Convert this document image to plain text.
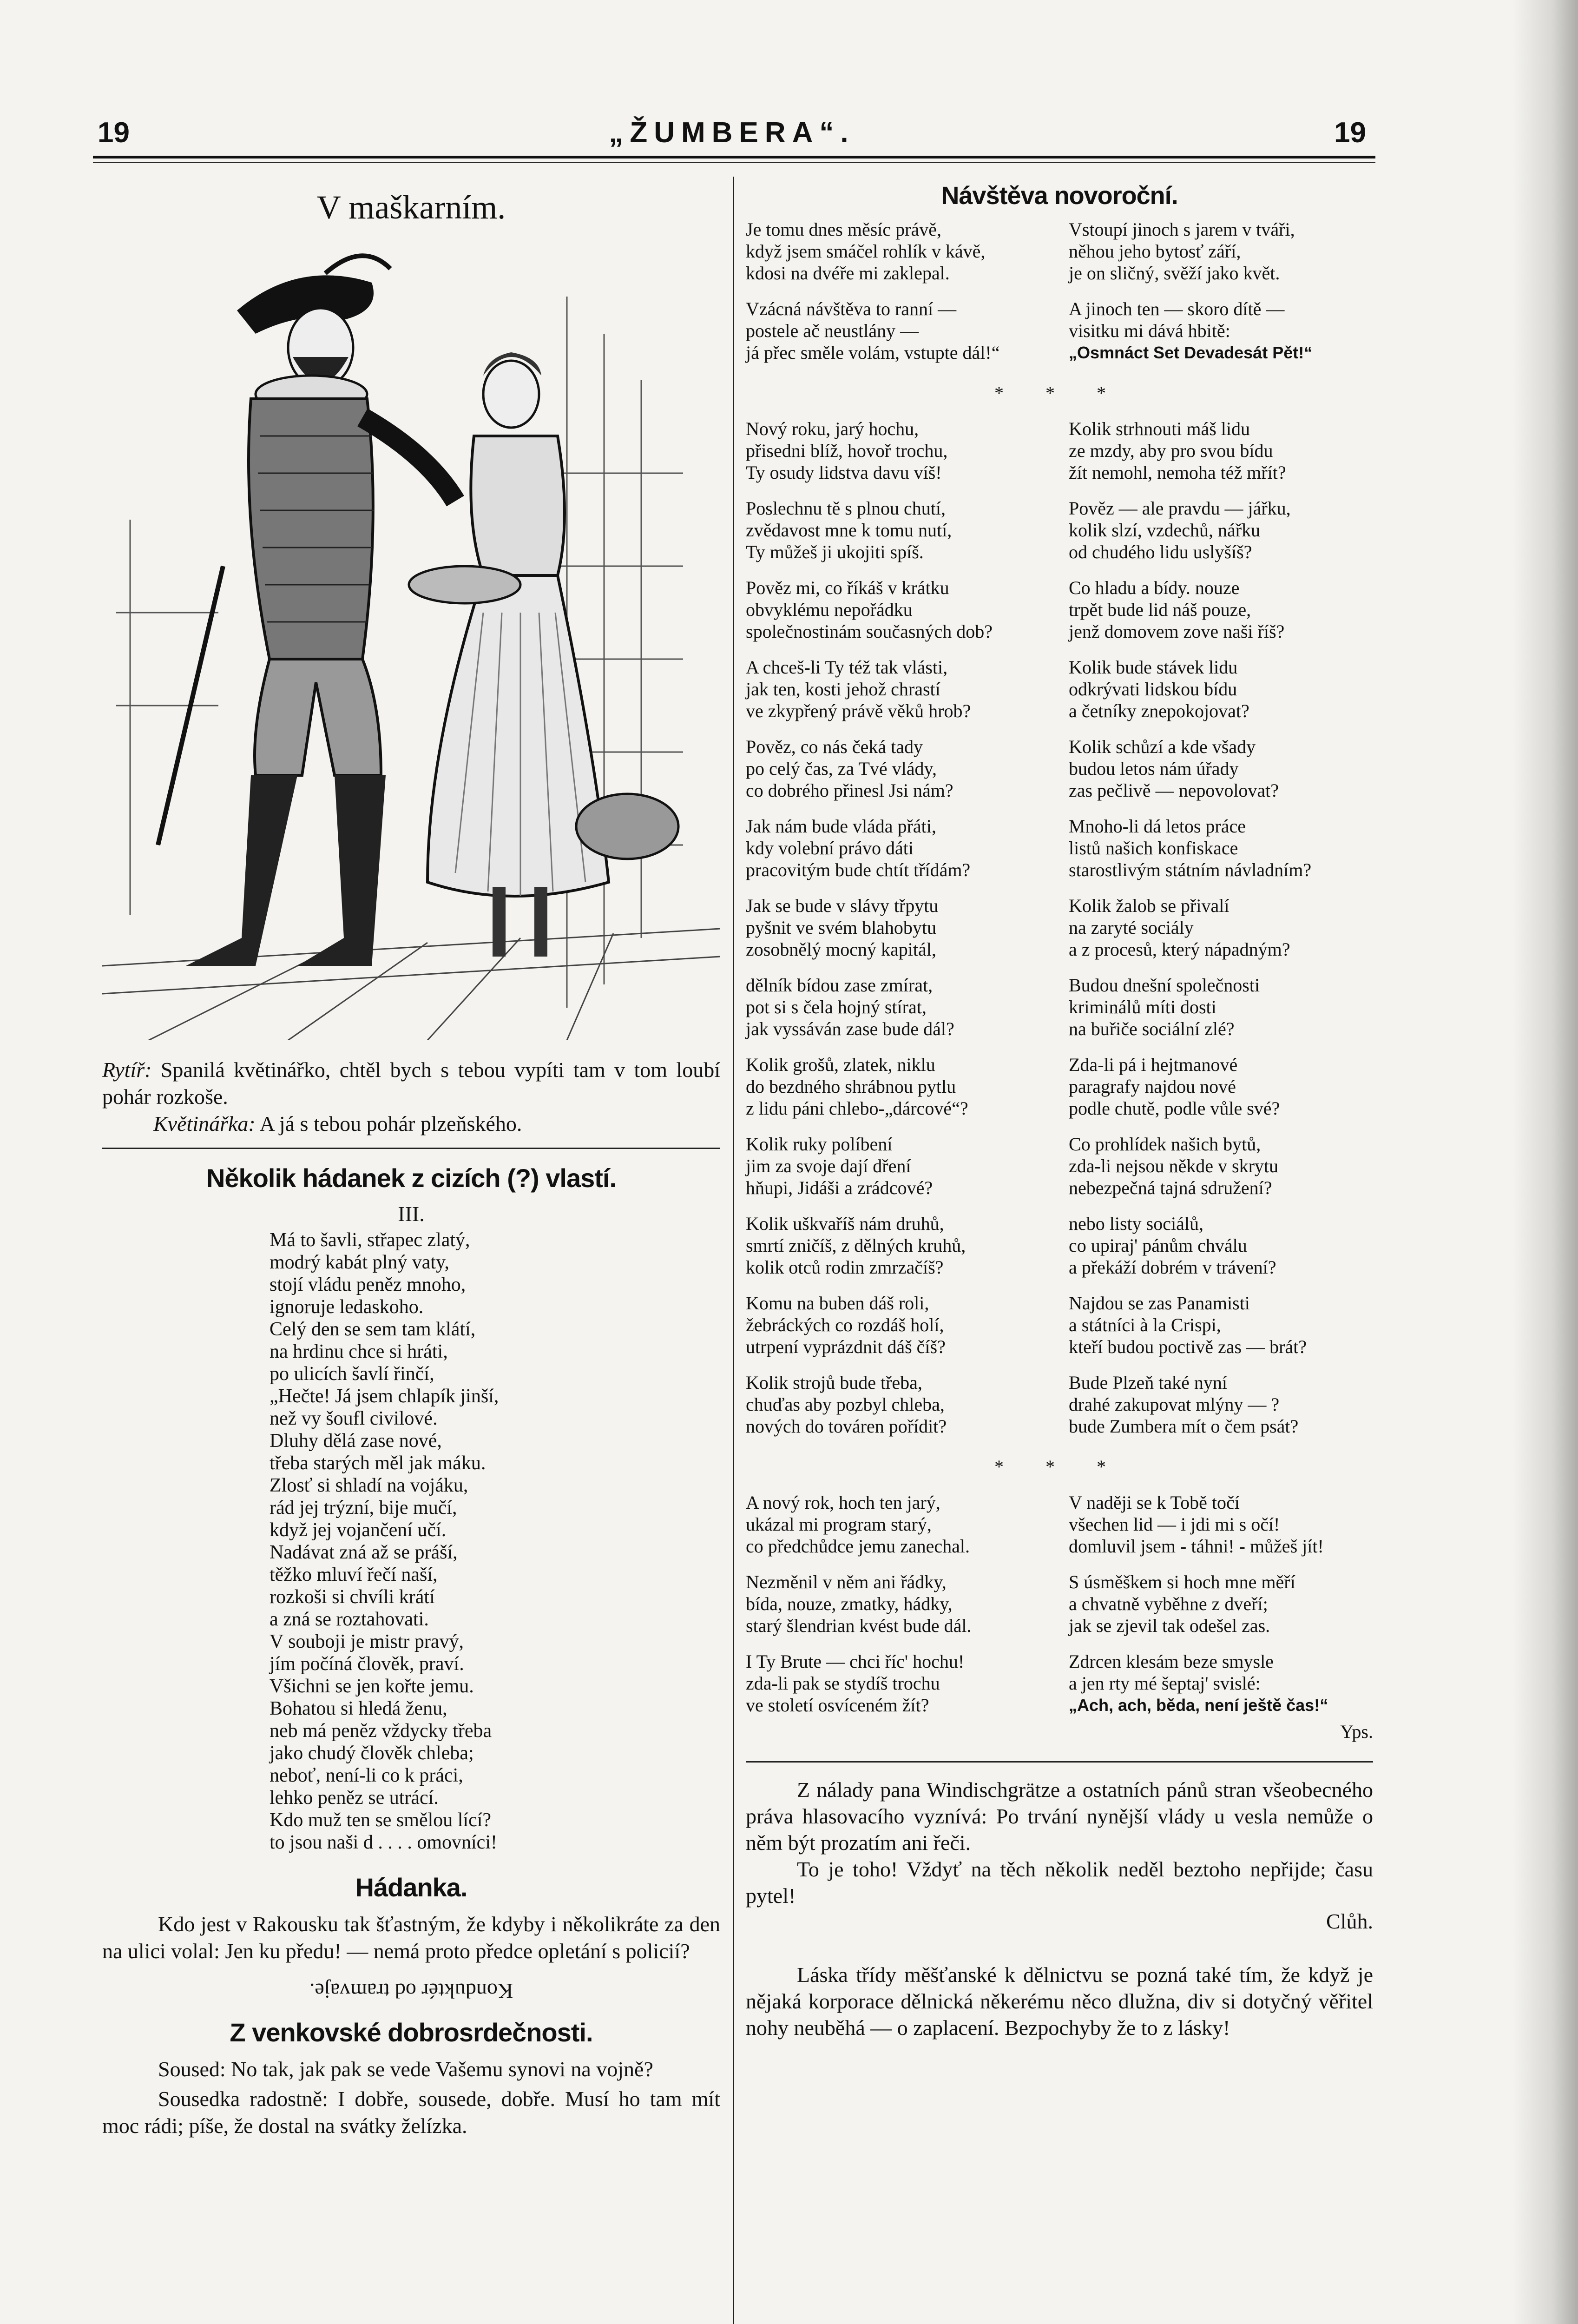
19	„ŽUMBERA“.	19
V maškarním.
Rytíř: Spanilá květinářko, chtěl bych s tebou vypíti tam v tom loubí pohár rozkoše.
Květinářka: A já s tebou pohár plzeňského.
Několik hádanek z cizích (?) vlastí.
III.
Má to šavli, střapec zlatý,
modrý kabát plný vaty,
stojí vládu peněz mnoho,
ignoruje ledaskoho.
Celý den se sem tam klátí,
na hrdinu chce si hráti,
po ulicích šavlí řinčí,
„Hečte! Já jsem chlapík jinší,
než vy šoufl civilové.
Dluhy dělá zase nové,
třeba starých měl jak máku.
Zlosť si shladí na vojáku,
rád jej trýzní, bije mučí,
když jej vojančení učí.
Nadávat zná až se práší,
těžko mluví řečí naší,
rozkoši si chvíli krátí
a zná se roztahovati.
V souboji je mistr pravý,
jím počíná člověk, praví.
Všichni se jen kořte jemu.
Bohatou si hledá ženu,
neb má peněz vždycky třeba
jako chudý člověk chleba;
neboť, není-li co k práci,
lehko peněz se utrácí.
Kdo muž ten se smělou lící?
to jsou naši d . . . . omovníci!
Hádanka.
Kdo jest v Rakousku tak šťastným, že kdyby i několikráte za den na ulici volal: Jen ku předu! — nemá proto předce opletání s policií?
Konduktér od tramvaje.
Z venkovské dobrosrdečnosti.
Soused: No tak, jak pak se vede Vašemu synovi na vojně?
Sousedka radostně: I dobře, sousede, dobře. Musí ho tam mít moc rádi; píše, že dostal na svátky želízka.
Návštěva novoroční.
Je tomu dnes měsíc právě,
když jsem smáčel rohlík v kávě,
kdosi na dvéře mi zaklepal.
Vstoupí jinoch s jarem v tváři,
něhou jeho bytosť září,
je on sličný, svěží jako květ.
Vzácná návštěva to ranní —
postele ač neustlány —
já přec směle volám, vstupte dál!“
A jinoch ten — skoro dítě —
visitku mi dává hbitě:
„Osmnáct Set Devadesát Pět!“
* * *
Nový roku, jarý hochu,
přisedni blíž, hovoř trochu,
Ty osudy lidstva davu víš!
Kolik strhnouti máš lidu
ze mzdy, aby pro svou bídu
žít nemohl, nemoha též mřít?
Poslechnu tě s plnou chutí,
zvědavost mne k tomu nutí,
Ty můžeš ji ukojiti spíš.
Pověz — ale pravdu — jářku,
kolik slzí, vzdechů, nářku
od chudého lidu uslyšíš?
Pověz mi, co říkáš v krátku
obvyklému nepořádku
společnostinám současných dob?
Co hladu a bídy. nouze
trpět bude lid náš pouze,
jenž domovem zove naši říš?
A chceš-li Ty též tak vlásti,
jak ten, kosti jehož chrastí
ve zkypřený právě věků hrob?
Kolik bude stávek lidu
odkrývati lidskou bídu
a četníky znepokojovat?
Pověz, co nás čeká tady
po celý čas, za Tvé vlády,
co dobrého přinesl Jsi nám?
Kolik schůzí a kde všady
budou letos nám úřady
zas pečlivě — nepovolovat?
Jak nám bude vláda přáti,
kdy volební právo dáti
pracovitým bude chtít třídám?
Mnoho-li dá letos práce
listů našich konfiskace
starostlivým státním návladním?
Jak se bude v slávy třpytu
pyšnit ve svém blahobytu
zosobnělý mocný kapitál,
Kolik žalob se přivalí
na zaryté sociály
a z procesů, který nápadným?
dělník bídou zase zmírat,
pot si s čela hojný stírat,
jak vyssáván zase bude dál?
Budou dnešní společnosti
kriminálů míti dosti
na buřiče sociální zlé?
Kolik grošů, zlatek, niklu
do bezdného shrábnou pytlu
z lidu páni chlebo-„dárcové“?
Zda-li pá i hejtmanové
paragrafy najdou nové
podle chutě, podle vůle své?
Kolik ruky políbení
jim za svoje dají dření
hňupi, Jidáši a zrádcové?
Co prohlídek našich bytů,
zda-li nejsou někde v skrytu
nebezpečná tajná sdružení?
Kolik uškvaříš nám druhů,
smrtí zničíš, z dělných kruhů,
kolik otců rodin zmrzačíš?
nebo listy sociálů,
co upiraj' pánům chválu
a překáží dobrém v trávení?
Komu na buben dáš roli,
žebráckých co rozdáš holí,
utrpení vyprázdnit dáš číš?
Najdou se zas Panamisti
a státníci à la Crispi,
kteří budou poctivě zas — brát?
Kolik strojů bude třeba,
chuďas aby pozbyl chleba,
nových do továren pořídit?
Bude Plzeň také nyní
drahé zakupovat mlýny — ?
bude Zumbera mít o čem psát?
* * *
A nový rok, hoch ten jarý,
ukázal mi program starý,
co předchůdce jemu zanechal.
V naději se k Tobě točí
všechen lid — i jdi mi s očí!
domluvil jsem - táhni! - můžeš jít!
Nezměnil v něm ani řádky,
bída, nouze, zmatky, hádky,
starý šlendrian kvést bude dál.
S úsměškem si hoch mne měří
a chvatně vyběhne z dveří;
jak se zjevil tak odešel zas.
I Ty Brute — chci říc' hochu!
zda-li pak se stydíš trochu
ve století osvíceném žít?
Zdrcen klesám beze smysle
a jen rty mé šeptaj' svislé:
„Ach, ach, běda, není ještě čas!“
Yps.

Z nálady pana Windischgrätze a ostatních pánů stran všeobecného práva hlasovacího vyznívá: Po trvání nynější vlády u vesla nemůže o něm být prozatím ani řeči.

To je toho! Vždyť na těch několik neděl beztoho nepřijde; času pytel!

Clůh.

Láska třídy měšťanské k dělnictvu se pozná také tím, že když je nějaká korporace dělnická někerému něco dlužna, div si dotyčný věřitel nohy neuběhá — o zaplacení. Bezpochyby že to z lásky!
